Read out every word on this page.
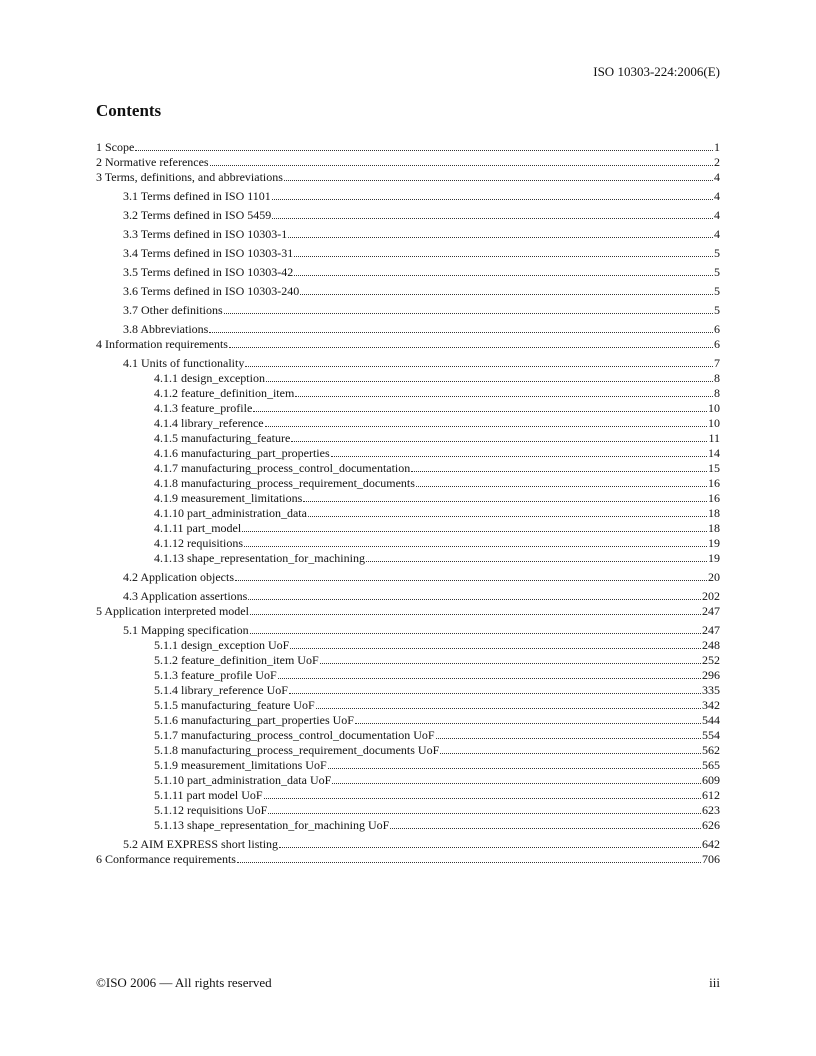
ISO 10303-224:2006(E)
Contents
1 Scope	1
2 Normative references	2
3 Terms, definitions, and abbreviations	4
3.1 Terms defined in ISO 1101	4
3.2 Terms defined in ISO 5459	4
3.3 Terms defined in ISO 10303-1	4
3.4 Terms defined in ISO 10303-31	5
3.5 Terms defined in ISO 10303-42	5
3.6 Terms defined in ISO 10303-240	5
3.7 Other definitions	5
3.8 Abbreviations	6
4 Information requirements	6
4.1 Units of functionality	7
4.1.1 design_exception	8
4.1.2 feature_definition_item	8
4.1.3 feature_profile	10
4.1.4 library_reference	10
4.1.5 manufacturing_feature	11
4.1.6 manufacturing_part_properties	14
4.1.7 manufacturing_process_control_documentation	15
4.1.8 manufacturing_process_requirement_documents	16
4.1.9 measurement_limitations	16
4.1.10 part_administration_data	18
4.1.11 part_model	18
4.1.12 requisitions	19
4.1.13 shape_representation_for_machining	19
4.2 Application objects	20
4.3 Application assertions	202
5 Application interpreted model	247
5.1 Mapping specification	247
5.1.1 design_exception UoF	248
5.1.2 feature_definition_item UoF	252
5.1.3 feature_profile UoF	296
5.1.4 library_reference UoF	335
5.1.5 manufacturing_feature UoF	342
5.1.6 manufacturing_part_properties UoF	544
5.1.7 manufacturing_process_control_documentation UoF	554
5.1.8 manufacturing_process_requirement_documents UoF	562
5.1.9 measurement_limitations UoF	565
5.1.10 part_administration_data UoF	609
5.1.11 part model UoF	612
5.1.12 requisitions UoF	623
5.1.13 shape_representation_for_machining UoF	626
5.2 AIM EXPRESS short listing	642
6 Conformance requirements	706
©ISO 2006 — All rights reserved	iii
